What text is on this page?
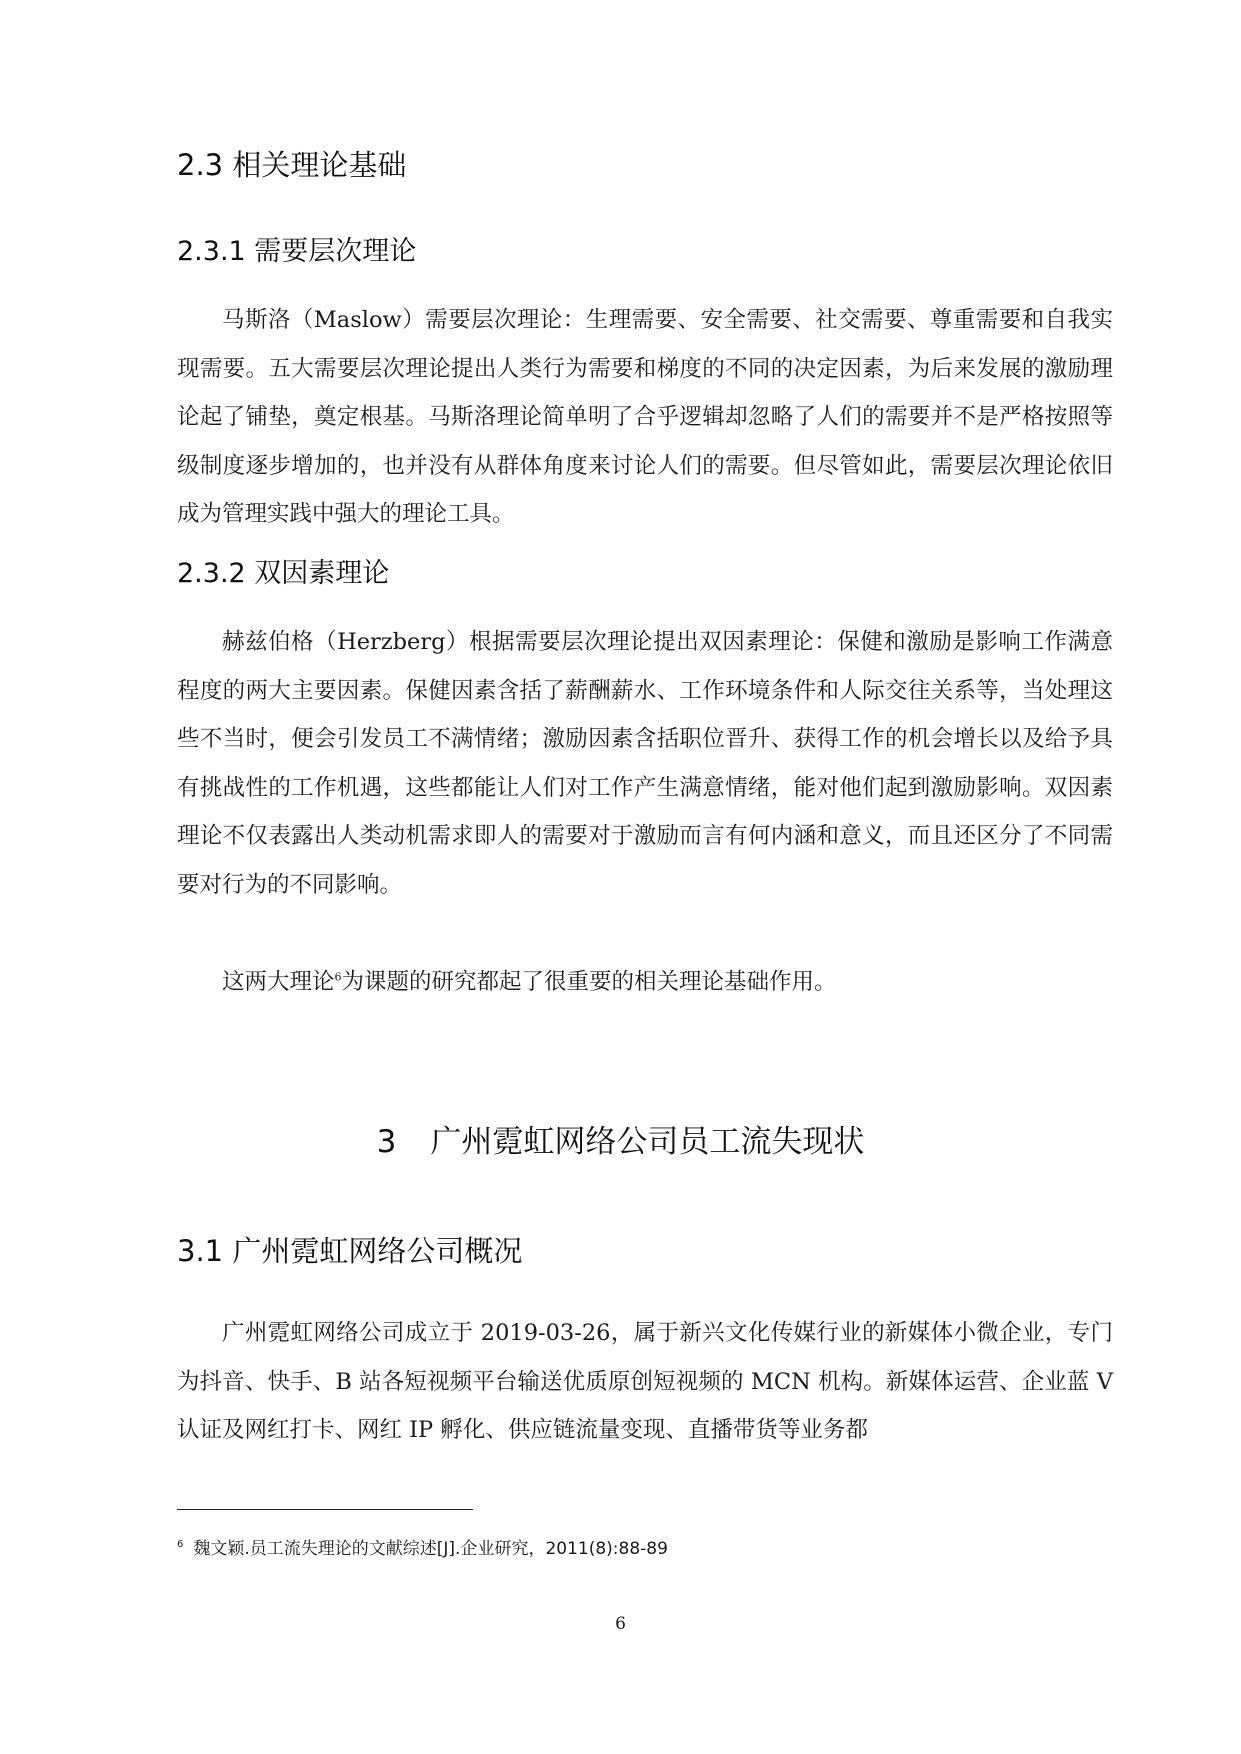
2.3 相关理论基础
2.3.1 需要层次理论

马斯洛（Maslow）需要层次理论：生理需要、安全需要、社交需要、尊重需要和自我实现需要。五大需要层次理论提出人类行为需要和梯度的不同的决定因素，为后来发展的激励理论起了铺垫，奠定根基。马斯洛理论简单明了合乎逻辑却忽略了人们的需要并不是严格按照等级制度逐步增加的，也并没有从群体角度来讨论人们的需要。但尽管如此，需要层次理论依旧成为管理实践中强大的理论工具。

2.3.2 双因素理论

赫兹伯格（Herzberg）根据需要层次理论提出双因素理论：保健和激励是影响工作满意程度的两大主要因素。保健因素含括了薪酬薪水、工作环境条件和人际交往关系等，当处理这些不当时，便会引发员工不满情绪；激励因素含括职位晋升、获得工作的机会增长以及给予具有挑战性的工作机遇，这些都能让人们对工作产生满意情绪，能对他们起到激励影响。双因素理论不仅表露出人类动机需求即人的需要对于激励而言有何内涵和意义，而且还区分了不同需要对行为的不同影响。

这两大理论$^6$为课题的研究都起了很重要的相关理论基础作用。

3 广州霓虹网络公司员工流失现状
3.1 广州霓虹网络公司概况

广州霓虹网络公司成立于 2019-03-26，属于新兴文化传媒行业的新媒体小微企业，专门为抖音、快手、B 站各短视频平台输送优质原创短视频的 MCN 机构。新媒体运营、企业蓝 V 认证及网红打卡、网红 IP 孵化、供应链流量变现、直播带货等业务都

$^6$ 魏文颖.员工流失理论的文献综述[J].企业研究，2011(8):88-89

6
